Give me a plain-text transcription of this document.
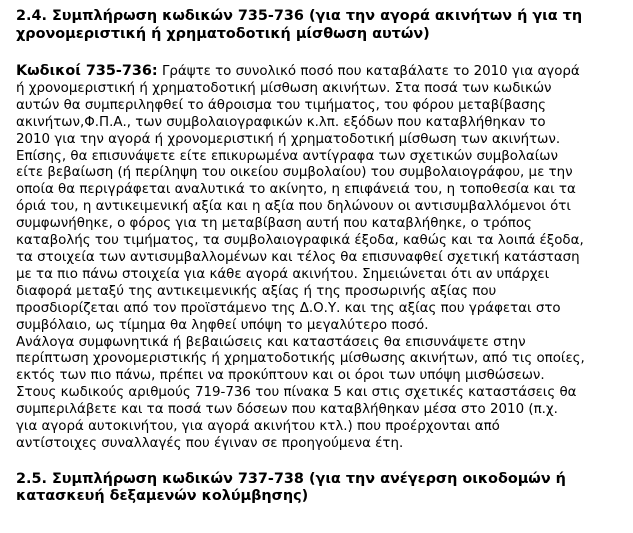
2.4. Συμπλήρωση κωδικών 735-736 (για την αγορά ακινήτων ή για τη
χρονομεριστική ή χρηματοδοτική μίσθωση αυτών)
Κωδικοί 735-736: Γράψτε το συνολικό ποσό που καταβάλατε το 2010 για αγορά
ή χρονομεριστική ή χρηματοδοτική μίσθωση ακινήτων. Στα ποσά των κωδικών
αυτών θα συμπεριληφθεί το άθροισμα του τιμήματος, του φόρου μεταβίβασης
ακινήτων,Φ.Π.Α., των συμβολαιογραφικών κ.λπ. εξόδων που καταβλήθηκαν το
2010 για την αγορά ή χρονομεριστική ή χρηματοδοτική μίσθωση των ακινήτων.
Επίσης, θα επισυνάψετε είτε επικυρωμένα αντίγραφα των σχετικών συμβολαίων
είτε βεβαίωση (ή περίληψη του οικείου συμβολαίου) του συμβολαιογράφου, με την
οποία θα περιγράφεται αναλυτικά το ακίνητο, η επιφάνειά του, η τοποθεσία και τα
όριά του, η αντικειμενική αξία και η αξία που δηλώνουν οι αντισυμβαλλόμενοι ότι
συμφωνήθηκε, ο φόρος για τη μεταβίβαση αυτή που καταβλήθηκε, ο τρόπος
καταβολής του τιμήματος, τα συμβολαιογραφικά έξοδα, καθώς και τα λοιπά έξοδα,
τα στοιχεία των αντισυμβαλλομένων και τέλος θα επισυναφθεί σχετική κατάσταση
με τα πιο πάνω στοιχεία για κάθε αγορά ακινήτου. Σημειώνεται ότι αν υπάρχει
διαφορά μεταξύ της αντικειμενικής αξίας ή της προσωρινής αξίας που
προσδιορίζεται από τον προϊστάμενο της Δ.Ο.Υ. και της αξίας που γράφεται στο
συμβόλαιο, ως τίμημα θα ληφθεί υπόψη το μεγαλύτερο ποσό.
Ανάλογα συμφωνητικά ή βεβαιώσεις και καταστάσεις θα επισυνάψετε στην
περίπτωση χρονομεριστικής ή χρηματοδοτικής μίσθωσης ακινήτων, από τις οποίες,
εκτός των πιο πάνω, πρέπει να προκύπτουν και οι όροι των υπόψη μισθώσεων.
Στους κωδικούς αριθμούς 719-736 του πίνακα 5 και στις σχετικές καταστάσεις θα
συμπεριλάβετε και τα ποσά των δόσεων που καταβλήθηκαν μέσα στο 2010 (π.χ.
για αγορά αυτοκινήτου, για αγορά ακινήτου κτλ.) που προέρχονται από
αντίστοιχες συναλλαγές που έγιναν σε προηγούμενα έτη.
2.5. Συμπλήρωση κωδικών 737-738 (για την ανέγερση οικοδομών ή
κατασκευή δεξαμενών κολύμβησης)
